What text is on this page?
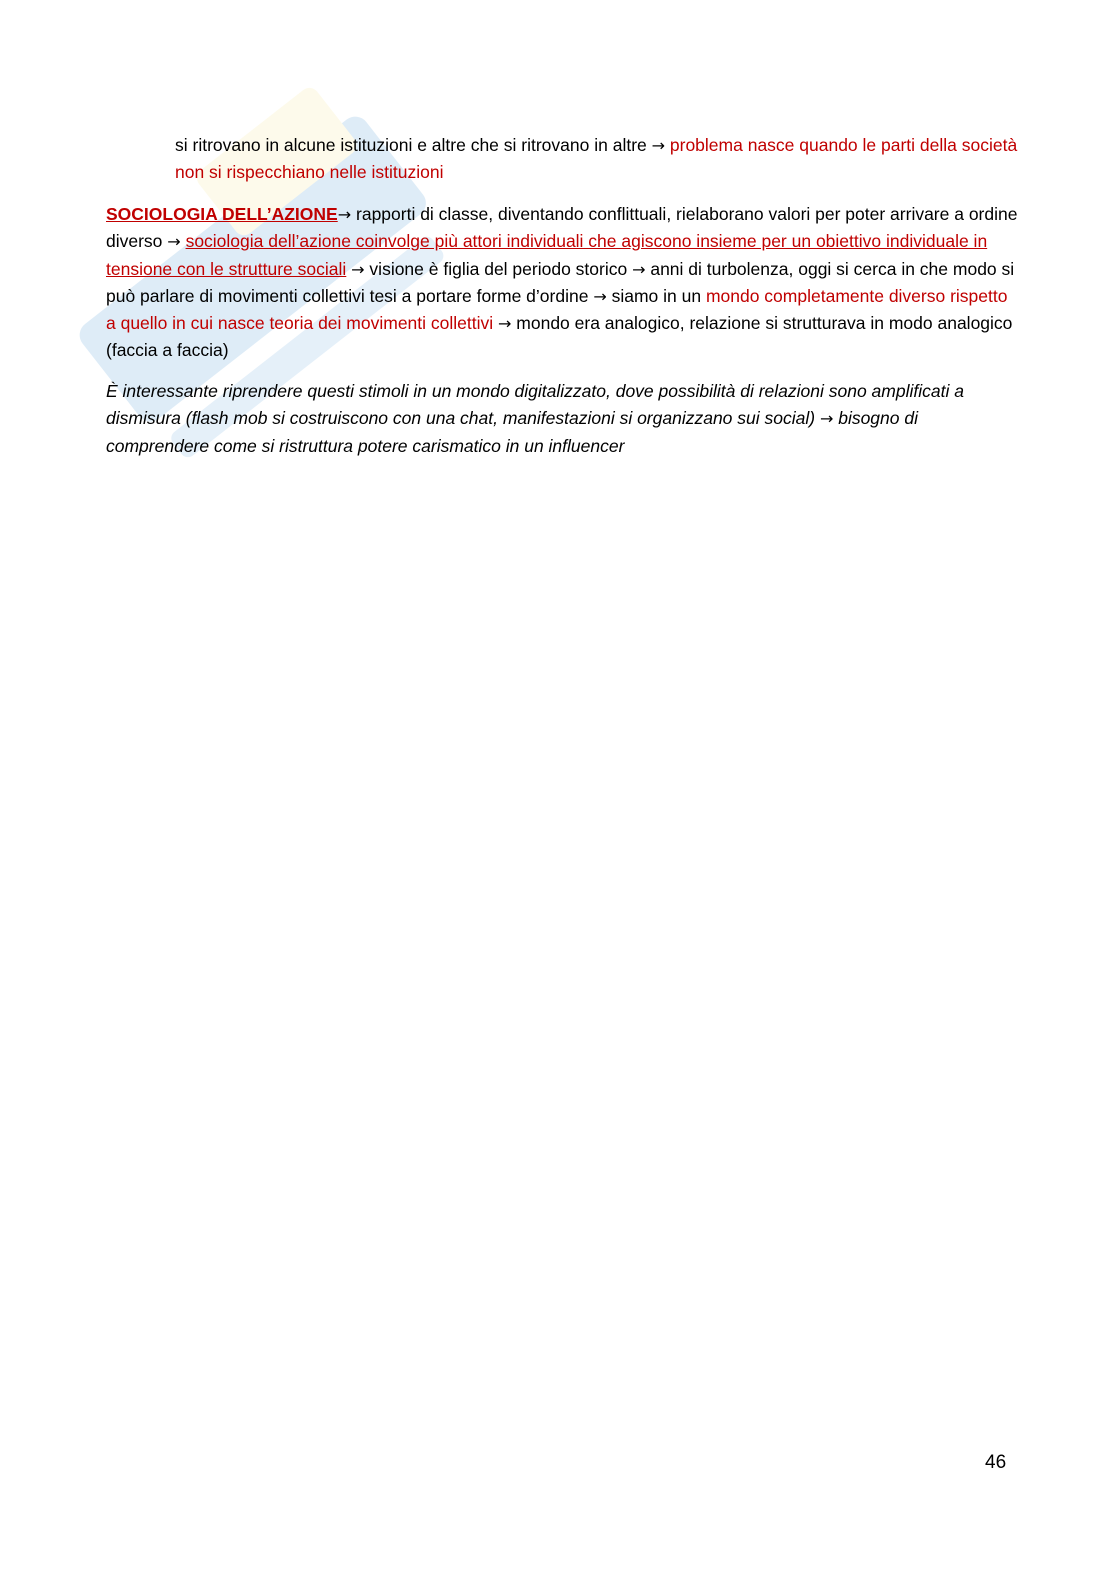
si ritrovano in alcune istituzioni e altre che si ritrovano in altre → problema nasce quando le parti della società non si rispecchiano nelle istituzioni
SOCIOLOGIA DELL’AZIONE→ rapporti di classe, diventando conflittuali, rielaborano valori per poter arrivare a ordine diverso → sociologia dell’azione coinvolge più attori individuali che agiscono insieme per un obiettivo individuale in tensione con le strutture sociali → visione è figlia del periodo storico → anni di turbolenza, oggi si cerca in che modo si può parlare di movimenti collettivi tesi a portare forme d’ordine → siamo in un mondo completamente diverso rispetto a quello in cui nasce teoria dei movimenti collettivi → mondo era analogico, relazione si strutturava in modo analogico (faccia a faccia)
È interessante riprendere questi stimoli in un mondo digitalizzato, dove possibilità di relazioni sono amplificati a dismisura (flash mob si costruiscono con una chat, manifestazioni si organizzano sui social) → bisogno di comprendere come si ristruttura potere carismatico in un influencer
46
